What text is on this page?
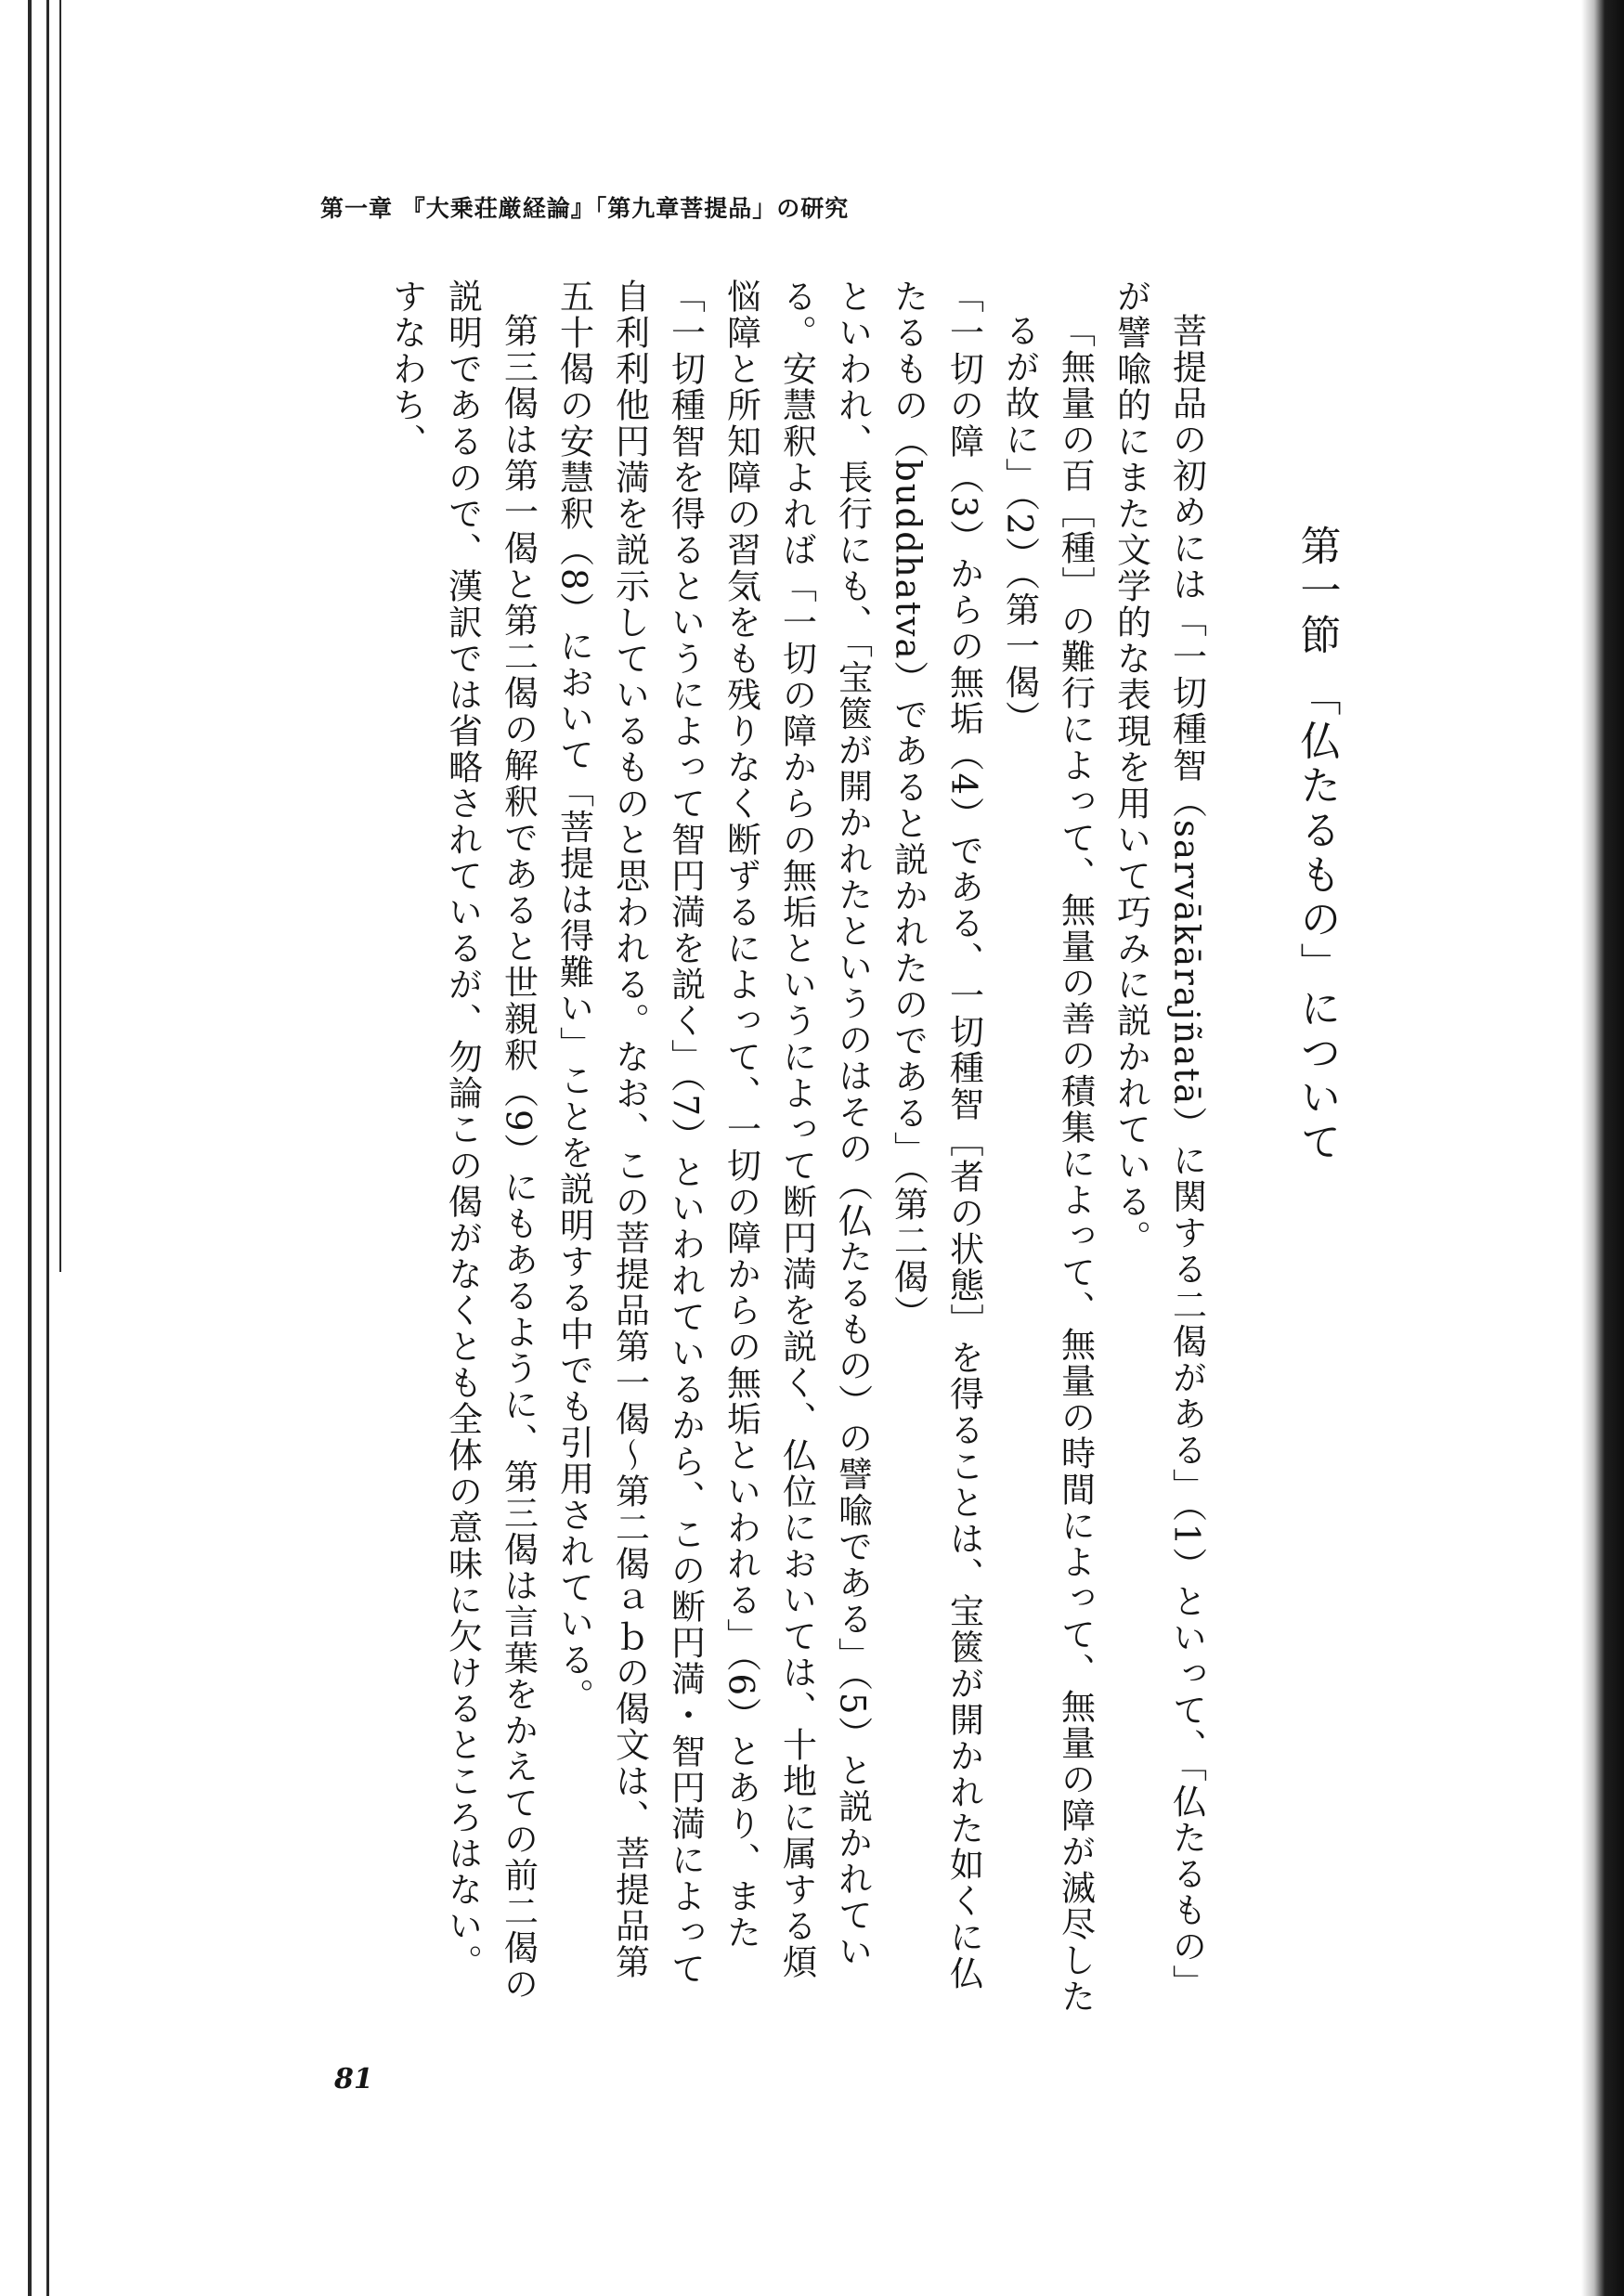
第一章 『大乗荘厳経論』「第九章菩提品」の研究
第一節 「仏たるもの」について

菩提品の初めには「一切種智（sarvākārajñatā）に関する二偈がある」（1）といって、「仏たるもの」が譬喩的にまた文学的な表現を用いて巧みに説かれている。

「無量の百［種］の難行によって、無量の善の積集によって、無量の時間によって、無量の障が滅尽したるが故に」（2）（第一偈）

「一切の障（3）からの無垢（4）である、一切種智［者の状態］を得ることは、宝篋が開かれた如くに仏たるもの（buddhatva）であると説かれたのである」（第二偈）

といわれ、長行にも、「宝篋が開かれたというのはその（仏たるもの）の譬喩である」（5）と説かれている。安慧釈よれば「一切の障からの無垢というによって断円満を説く、仏位においては、十地に属する煩悩障と所知障の習気をも残りなく断ずるによって、一切の障からの無垢といわれる」（6）とあり、また「一切種智を得るというによって智円満を説く」（7）といわれているから、この断円満・智円満によって自利利他円満を説示しているものと思われる。なお、この菩提品第一偈～第二偈ａｂの偈文は、菩提品第五十偈の安慧釈（8）において「菩提は得難い」ことを説明する中でも引用されている。

第三偈は第一偈と第二偈の解釈であると世親釈（9）にもあるように、第三偈は言葉をかえての前二偈の説明であるので、漢訳では省略されているが、勿論この偈がなくとも全体の意味に欠けるところはない。すなわち、

81
